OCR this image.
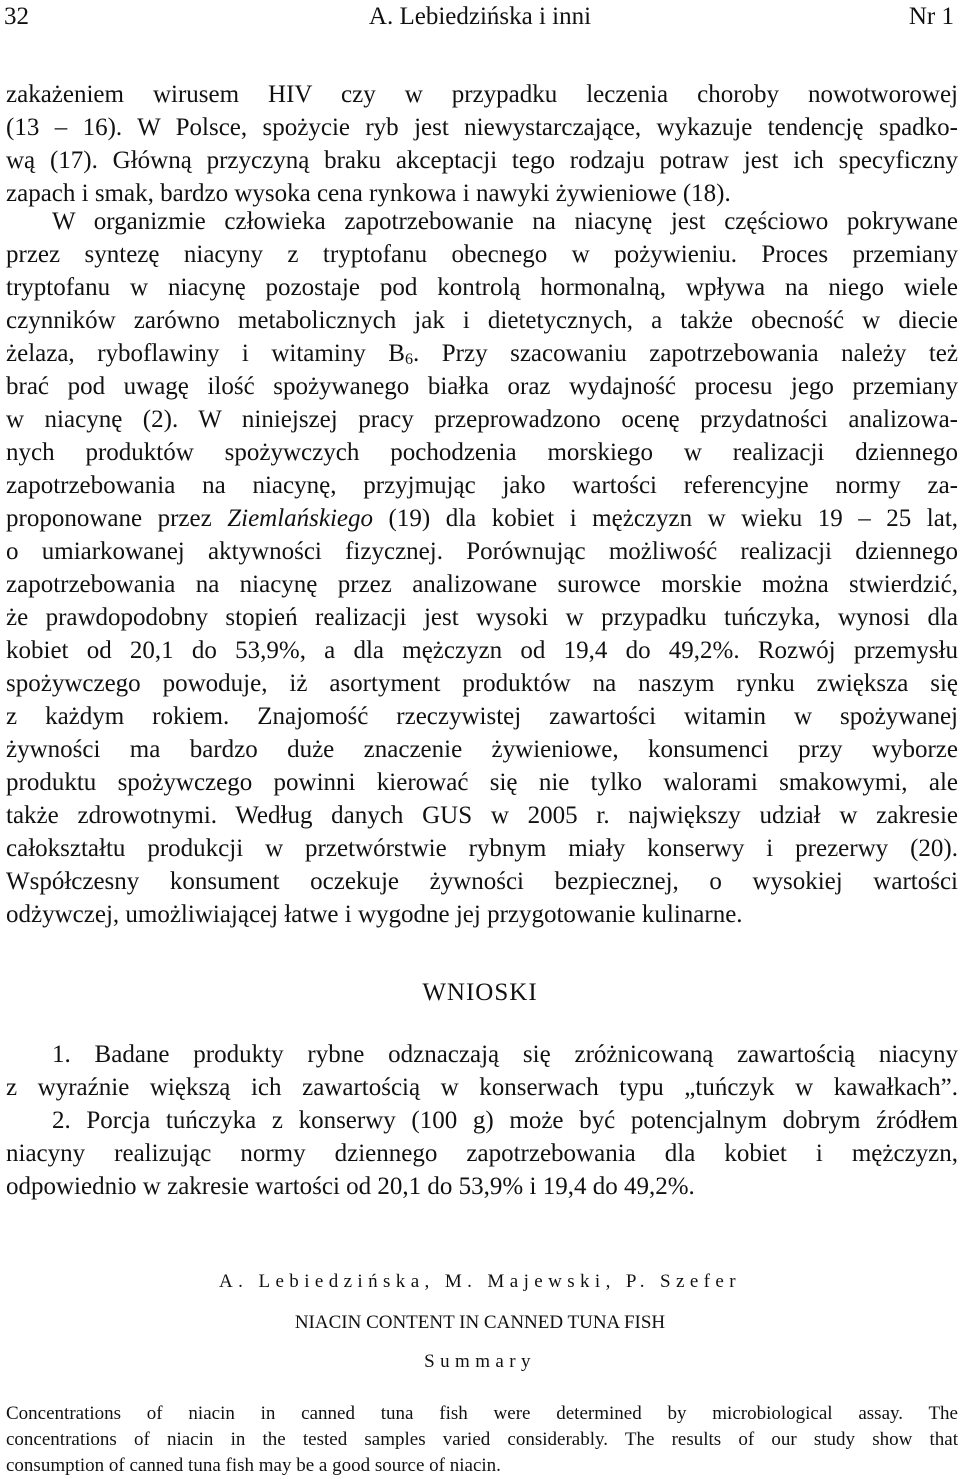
32	A. Lebiedzińska i inni	Nr 1
zakażeniem wirusem HIV czy w przypadku leczenia choroby nowotworowej
(13 – 16). W Polsce, spożycie ryb jest niewystarczające, wykazuje tendencję spadko-
wą (17). Główną przyczyną braku akceptacji tego rodzaju potraw jest ich specyficzny
zapach i smak, bardzo wysoka cena rynkowa i nawyki żywieniowe (18).
W organizmie człowieka zapotrzebowanie na niacynę jest częściowo pokrywane
przez syntezę niacyny z tryptofanu obecnego w pożywieniu. Proces przemiany
tryptofanu w niacynę pozostaje pod kontrolą hormonalną, wpływa na niego wiele
czynników zarówno metabolicznych jak i dietetycznych, a także obecność w diecie
żelaza, ryboflawiny i witaminy $B_6$. Przy szacowaniu zapotrzebowania należy też
brać pod uwagę ilość spożywanego białka oraz wydajność procesu jego przemiany
w niacynę (2). W niniejszej pracy przeprowadzono ocenę przydatności analizowa-
nych produktów spożywczych pochodzenia morskiego w realizacji dziennego
zapotrzebowania na niacynę, przyjmując jako wartości referencyjne normy za-
proponowane przez Ziemlańskiego (19) dla kobiet i mężczyzn w wieku 19 – 25 lat,
o umiarkowanej aktywności fizycznej. Porównując możliwość realizacji dziennego
zapotrzebowania na niacynę przez analizowane surowce morskie można stwierdzić,
że prawdopodobny stopień realizacji jest wysoki w przypadku tuńczyka, wynosi dla
kobiet od 20,1 do 53,9%, a dla mężczyzn od 19,4 do 49,2%. Rozwój przemysłu
spożywczego powoduje, iż asortyment produktów na naszym rynku zwiększa się
z każdym rokiem. Znajomość rzeczywistej zawartości witamin w spożywanej
żywności ma bardzo duże znaczenie żywieniowe, konsumenci przy wyborze
produktu spożywczego powinni kierować się nie tylko walorami smakowymi, ale
także zdrowotnymi. Według danych GUS w 2005 r. największy udział w zakresie
całokształtu produkcji w przetwórstwie rybnym miały konserwy i prezerwy (20).
Współczesny konsument oczekuje żywności bezpiecznej, o wysokiej wartości
odżywczej, umożliwiającej łatwe i wygodne jej przygotowanie kulinarne.
WNIOSKI
1. Badane produkty rybne odznaczają się zróżnicowaną zawartością niacyny
z wyraźnie większą ich zawartością w konserwach typu „tuńczyk w kawałkach”.
2. Porcja tuńczyka z konserwy (100 g) może być potencjalnym dobrym źródłem
niacyny realizując normy dziennego zapotrzebowania dla kobiet i mężczyzn,
odpowiednio w zakresie wartości od 20,1 do 53,9% i 19,4 do 49,2%.
A. Lebiedzińska, M. Majewski, P. Szefer
NIACIN CONTENT IN CANNED TUNA FISH
Summary
Concentrations of niacin in canned tuna fish were determined by microbiological assay. The
concentrations of niacin in the tested samples varied considerably. The results of our study show that
consumption of canned tuna fish may be a good source of niacin.
